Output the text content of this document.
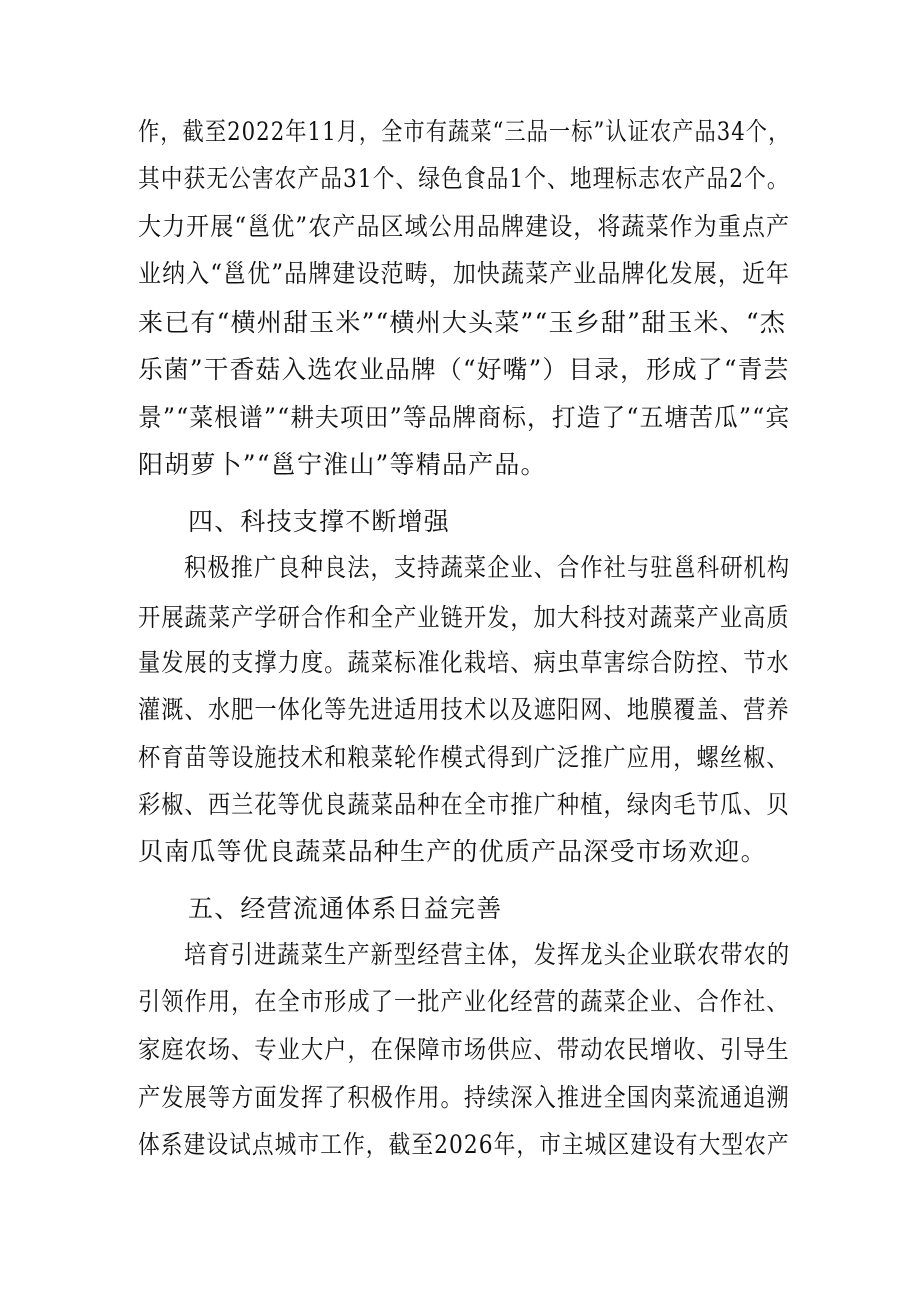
作，截至2022年11月，全市有蔬菜“三品一标”认证农产品34个，
其中获无公害农产品31个、绿色食品1个、地理标志农产品2个。
大力开展“邕优”农产品区域公用品牌建设，将蔬菜作为重点产
业纳入“邕优”品牌建设范畴，加快蔬菜产业品牌化发展，近年
来已有“横州甜玉米”“横州大头菜”“玉乡甜”甜玉米、“杰
乐菌”干香菇入选农业品牌（“好嘴”）目录，形成了“青芸
景”“菜根谱”“耕夫项田”等品牌商标，打造了“五塘苦瓜”“宾
阳胡萝卜”“邕宁淮山”等精品产品。
四、科技支撑不断增强
积极推广良种良法，支持蔬菜企业、合作社与驻邕科研机构
开展蔬菜产学研合作和全产业链开发，加大科技对蔬菜产业高质
量发展的支撑力度。蔬菜标准化栽培、病虫草害综合防控、节水
灌溉、水肥一体化等先进适用技术以及遮阳网、地膜覆盖、营养
杯育苗等设施技术和粮菜轮作模式得到广泛推广应用，螺丝椒、
彩椒、西兰花等优良蔬菜品种在全市推广种植，绿肉毛节瓜、贝
贝南瓜等优良蔬菜品种生产的优质产品深受市场欢迎。
五、经营流通体系日益完善
培育引进蔬菜生产新型经营主体，发挥龙头企业联农带农的
引领作用，在全市形成了一批产业化经营的蔬菜企业、合作社、
家庭农场、专业大户，在保障市场供应、带动农民增收、引导生
产发展等方面发挥了积极作用。持续深入推进全国肉菜流通追溯
体系建设试点城市工作，截至2026年，市主城区建设有大型农产
